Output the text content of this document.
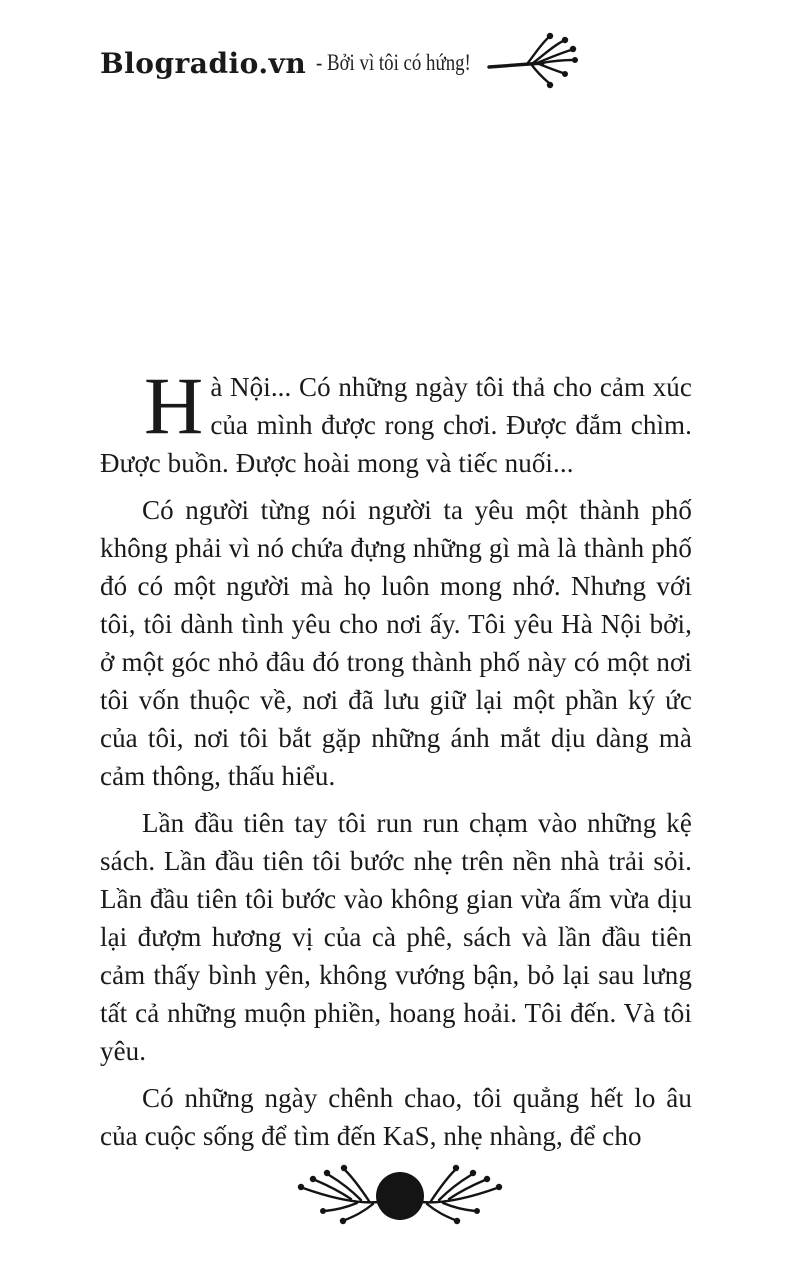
Blogradio.vn - Bởi vì tôi có hứng!

Hà Nội... Có những ngày tôi thả cho cảm xúc của mình được rong chơi. Được đắm chìm. Được buồn. Được hoài mong và tiếc nuối...

Có người từng nói người ta yêu một thành phố không phải vì nó chứa đựng những gì mà là thành phố đó có một người mà họ luôn mong nhớ. Nhưng với tôi, tôi dành tình yêu cho nơi ấy. Tôi yêu Hà Nội bởi, ở một góc nhỏ đâu đó trong thành phố này có một nơi tôi vốn thuộc về, nơi đã lưu giữ lại một phần ký ức của tôi, nơi tôi bắt gặp những ánh mắt dịu dàng mà cảm thông, thấu hiểu.

Lần đầu tiên tay tôi run run chạm vào những kệ sách. Lần đầu tiên tôi bước nhẹ trên nền nhà trải sỏi. Lần đầu tiên tôi bước vào không gian vừa ấm vừa dịu lại đượm hương vị của cà phê, sách và lần đầu tiên cảm thấy bình yên, không vướng bận, bỏ lại sau lưng tất cả những muộn phiền, hoang hoải. Tôi đến. Và tôi yêu.

Có những ngày chênh chao, tôi quẳng hết lo âu của cuộc sống để tìm đến KaS, nhẹ nhàng, để cho
